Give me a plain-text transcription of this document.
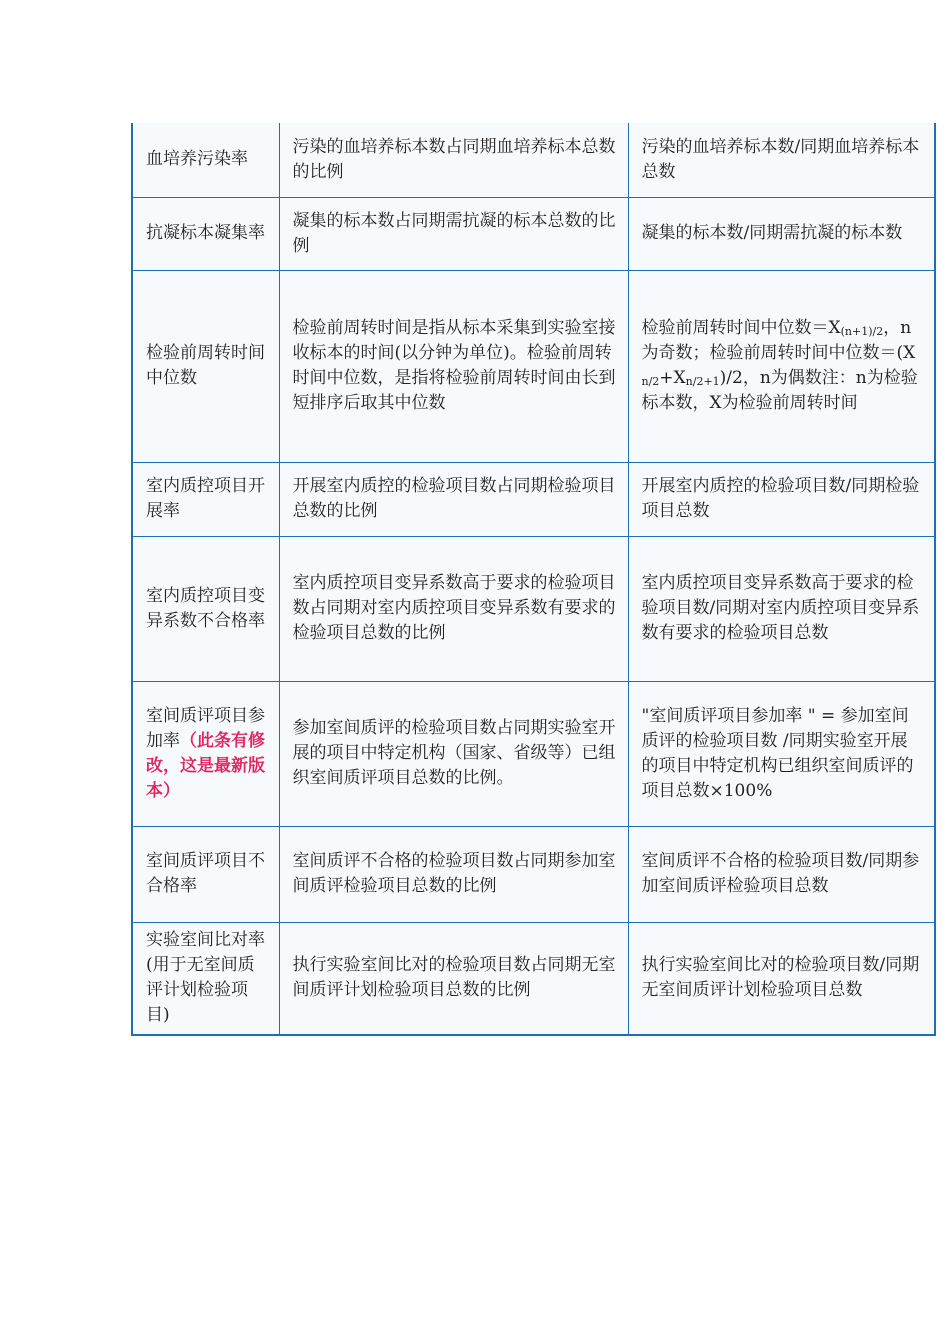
血培养污染率	污染的血培养标本数占同期血培养标本总数的比例	污染的血培养标本数/同期血培养标本总数
抗凝标本凝集率	凝集的标本数占同期需抗凝的标本总数的比例	凝集的标本数/同期需抗凝的标本数
检验前周转时间中位数	检验前周转时间是指从标本采集到实验室接收标本的时间(以分钟为单位)。检验前周转时间中位数，是指将检验前周转时间由长到短排序后取其中位数	检验前周转时间中位数$=X_{(n+1)/2}$，n为奇数；检验前周转时间中位数$=(X_{n/2}+X_{n/2+1})/2$，n为偶数注：n为检验标本数，X为检验前周转时间
室内质控项目开展率	开展室内质控的检验项目数占同期检验项目总数的比例	开展室内质控的检验项目数/同期检验项目总数
室内质控项目变异系数不合格率	室内质控项目变异系数高于要求的检验项目数占同期对室内质控项目变异系数有要求的检验项目总数的比例	室内质控项目变异系数高于要求的检验项目数/同期对室内质控项目变异系数有要求的检验项目总数
室间质评项目参加率（此条有修改，这是最新版本）	参加室间质评的检验项目数占同期实验室开展的项目中特定机构（国家、省级等）已组织室间质评项目总数的比例。	"室间质评项目参加率 " = 参加室间质评的检验项目数 /同期实验室开展的项目中特定机构已组织室间质评的项目总数×100%
室间质评项目不合格率	室间质评不合格的检验项目数占同期参加室间质评检验项目总数的比例	室间质评不合格的检验项目数/同期参加室间质评检验项目总数
实验室间比对率(用于无室间质评计划检验项目)	执行实验室间比对的检验项目数占同期无室间质评计划检验项目总数的比例	执行实验室间比对的检验项目数/同期无室间质评计划检验项目总数
